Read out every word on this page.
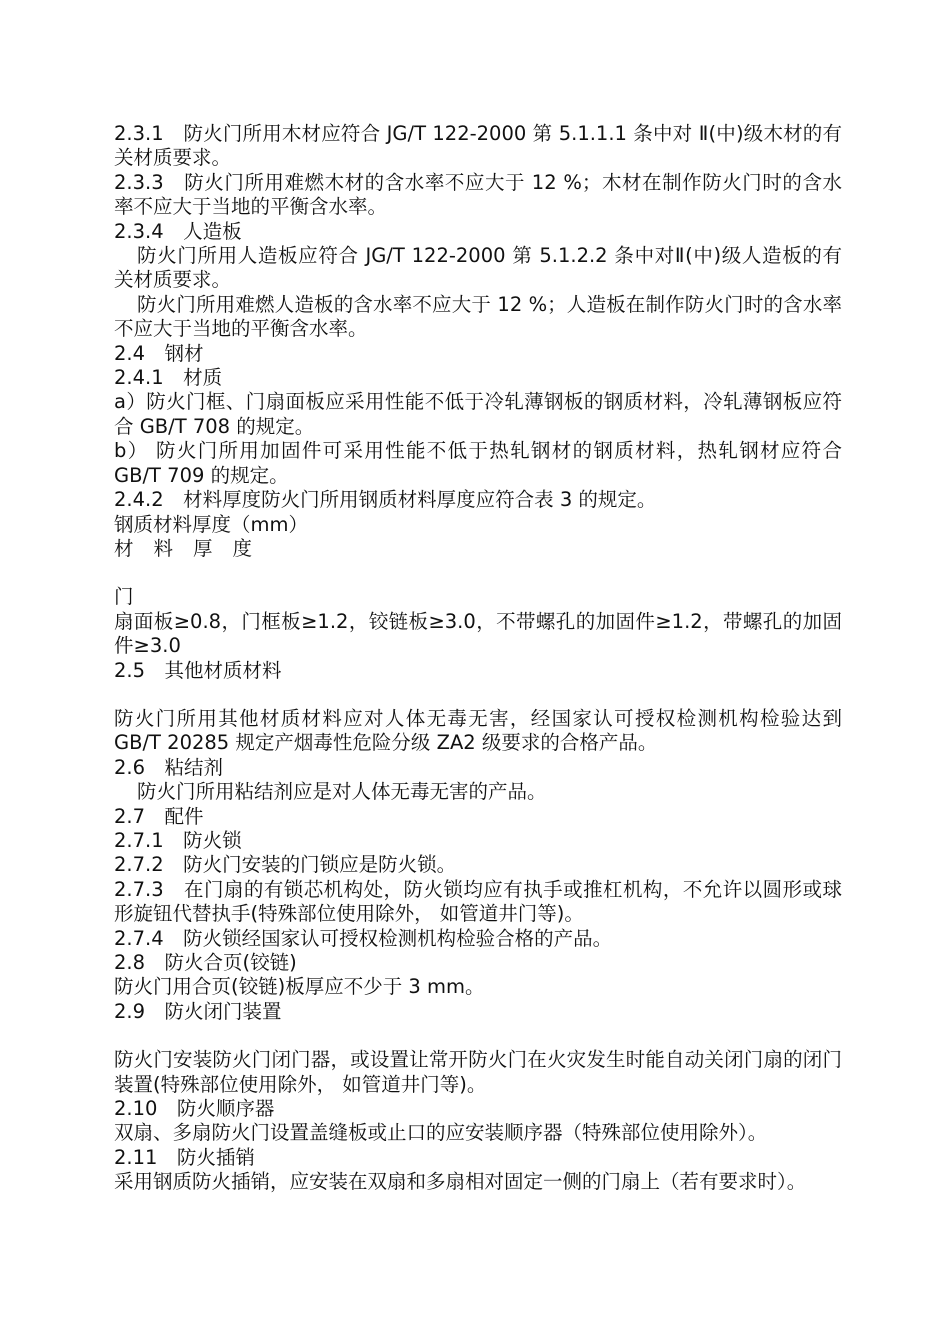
2.3.1　防火门所用木材应符合 JG/T 122-2000 第 5.1.1.1 条中对 Ⅱ(中)级木材的有关材质要求。

2.3.3　防火门所用难燃木材的含水率不应大于 12 %；木材在制作防火门时的含水率不应大于当地的平衡含水率。

2.3.4　人造板

防火门所用人造板应符合 JG/T 122-2000 第 5.1.2.2 条中对Ⅱ(中)级人造板的有关材质要求。

防火门所用难燃人造板的含水率不应大于 12 %；人造板在制作防火门时的含水率不应大于当地的平衡含水率。

2.4　钢材

2.4.1　材质

a）防火门框、门扇面板应采用性能不低于冷轧薄钢板的钢质材料，冷轧薄钢板应符合 GB/T 708 的规定。

b） 防火门所用加固件可采用性能不低于热轧钢材的钢质材料，热轧钢材应符合 GB/T 709 的规定。

2.4.2　材料厚度防火门所用钢质材料厚度应符合表 3 的规定。

钢质材料厚度（mm）

材料厚度

门

扇面板≥0.8，门框板≥1.2，铰链板≥3.0，不带螺孔的加固件≥1.2，带螺孔的加固件≥3.0

2.5　其他材质材料

防火门所用其他材质材料应对人体无毒无害，经国家认可授权检测机构检验达到 GB/T 20285 规定产烟毒性危险分级 ZA2 级要求的合格产品。

2.6　粘结剂

防火门所用粘结剂应是对人体无毒无害的产品。

2.7　配件

2.7.1　防火锁

2.7.2　防火门安装的门锁应是防火锁。

2.7.3　在门扇的有锁芯机构处，防火锁均应有执手或推杠机构，不允许以圆形或球形旋钮代替执手(特殊部位使用除外， 如管道井门等)。

2.7.4　防火锁经国家认可授权检测机构检验合格的产品。

2.8　防火合页(铰链)

防火门用合页(铰链)板厚应不少于 3 mm。

2.9　防火闭门装置

防火门安装防火门闭门器，或设置让常开防火门在火灾发生时能自动关闭门扇的闭门装置(特殊部位使用除外， 如管道井门等)。

2.10　防火顺序器

双扇、多扇防火门设置盖缝板或止口的应安装顺序器（特殊部位使用除外）。

2.11　防火插销

采用钢质防火插销，应安装在双扇和多扇相对固定一侧的门扇上（若有要求时）。
